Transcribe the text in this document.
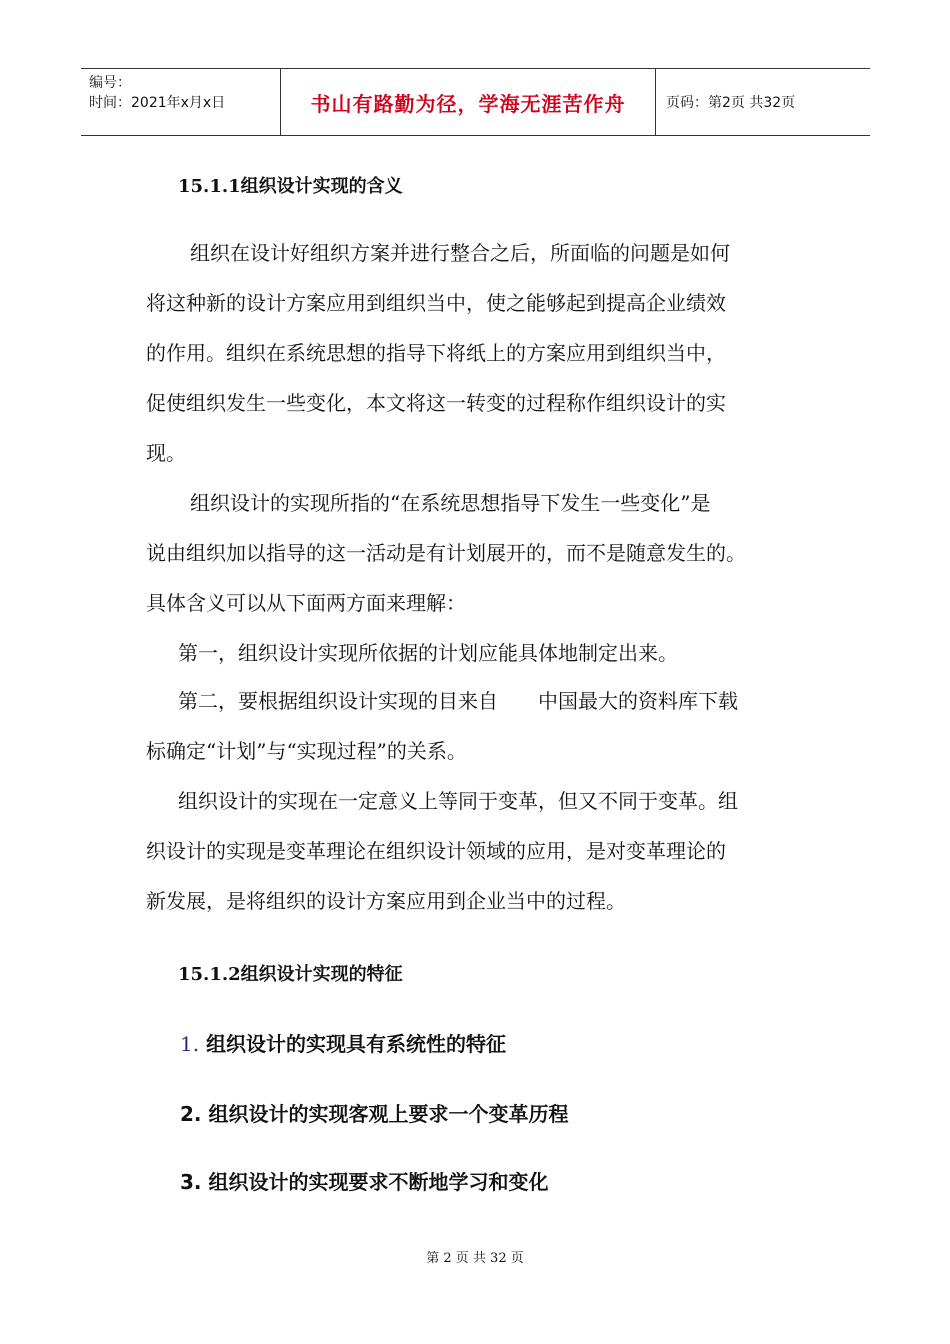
编号：
时间：2021年x月x日	书山有路勤为径，学海无涯苦作舟	页码：第2页 共32页
15.1.1组织设计实现的含义
组织在设计好组织方案并进行整合之后，所面临的问题是如何
将这种新的设计方案应用到组织当中，使之能够起到提高企业绩效
的作用。组织在系统思想的指导下将纸上的方案应用到组织当中，
促使组织发生一些变化，本文将这一转变的过程称作组织设计的实
现。
组织设计的实现所指的“在系统思想指导下发生一些变化”是
说由组织加以指导的这一活动是有计划展开的，而不是随意发生的。
具体含义可以从下面两方面来理解：
第一，组织设计实现所依据的计划应能具体地制定出来。
第二，要根据组织设计实现的目来自　　中国最大的资料库下载
标确定“计划”与“实现过程”的关系。
组织设计的实现在一定意义上等同于变革，但又不同于变革。组
织设计的实现是变革理论在组织设计领域的应用，是对变革理论的
新发展，是将组织的设计方案应用到企业当中的过程。
15.1.2组织设计实现的特征
1. 组织设计的实现具有系统性的特征
2. 组织设计的实现客观上要求一个变革历程
3. 组织设计的实现要求不断地学习和变化
第 2 页 共 32 页
